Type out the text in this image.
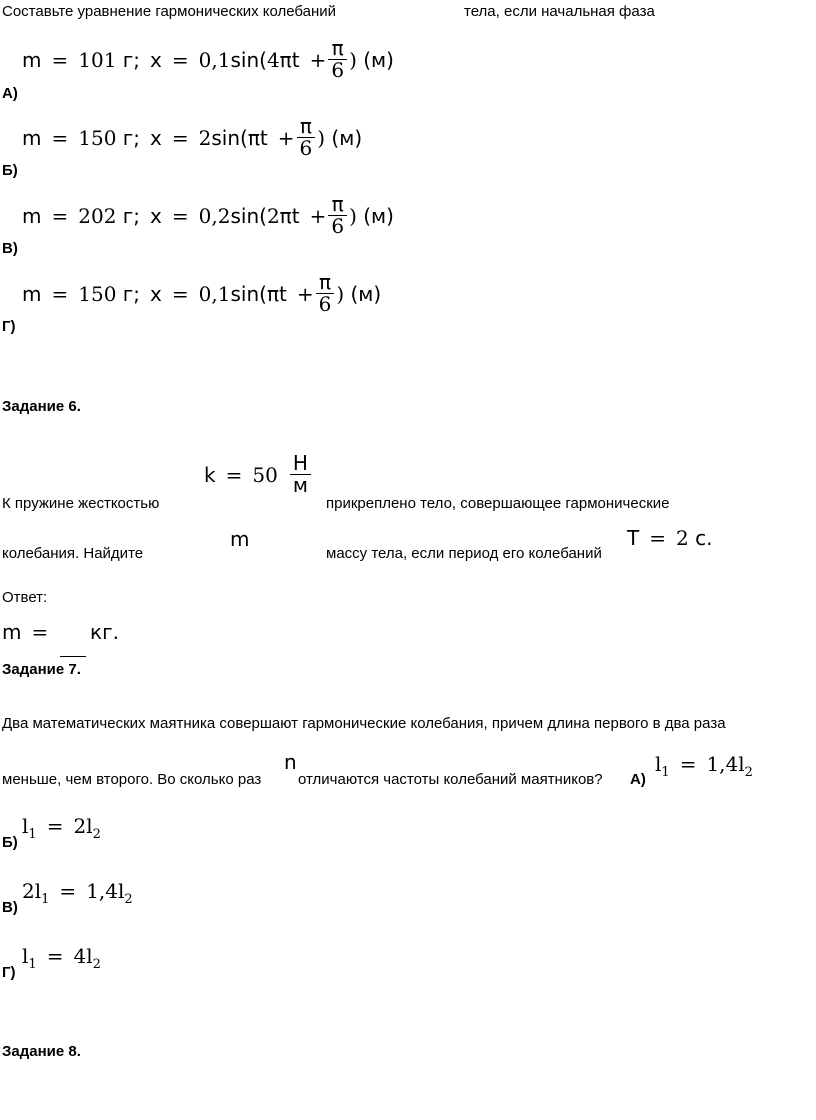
Составьте уравнение гармонических колебаний	тела, если начальная фаза
А)
m = 101 г; $x = 0,1\sin(4\pi t + \frac{\pi}{6}$ ) (м)
Б)
m = 150 г; $x = 2\sin(\pi t + \frac{\pi}{6}$ ) (м)
В)
m = 202 г; $x = 0,2\sin(2\pi t + \frac{\pi}{6}$ ) (м)
Г)
m = 150 г; $x = 0,1\sin(\pi t + \frac{\pi}{6}$ ) (м)
Задание 6.
$k = 50 \frac{Н}{м}$
К пружине жесткостью	прикреплено тело, совершающее гармонические
m
колебания. Найдите	массу тела, если период его колебаний
T = 2 с.
Ответ:
m = кг.
Задание 7.
Два математических маятника совершают гармонические колебания, причем длина первого в два раза
n
меньше, чем второго. Во сколько раз отличаются частоты колебаний маятников? А)
$l_1 = 1,4l_2$
Б)
$l_1 = 2l_2$
В)
$2l_1 = 1,4l_2$
Г)
$l_1 = 4l_2$
Задание 8.
